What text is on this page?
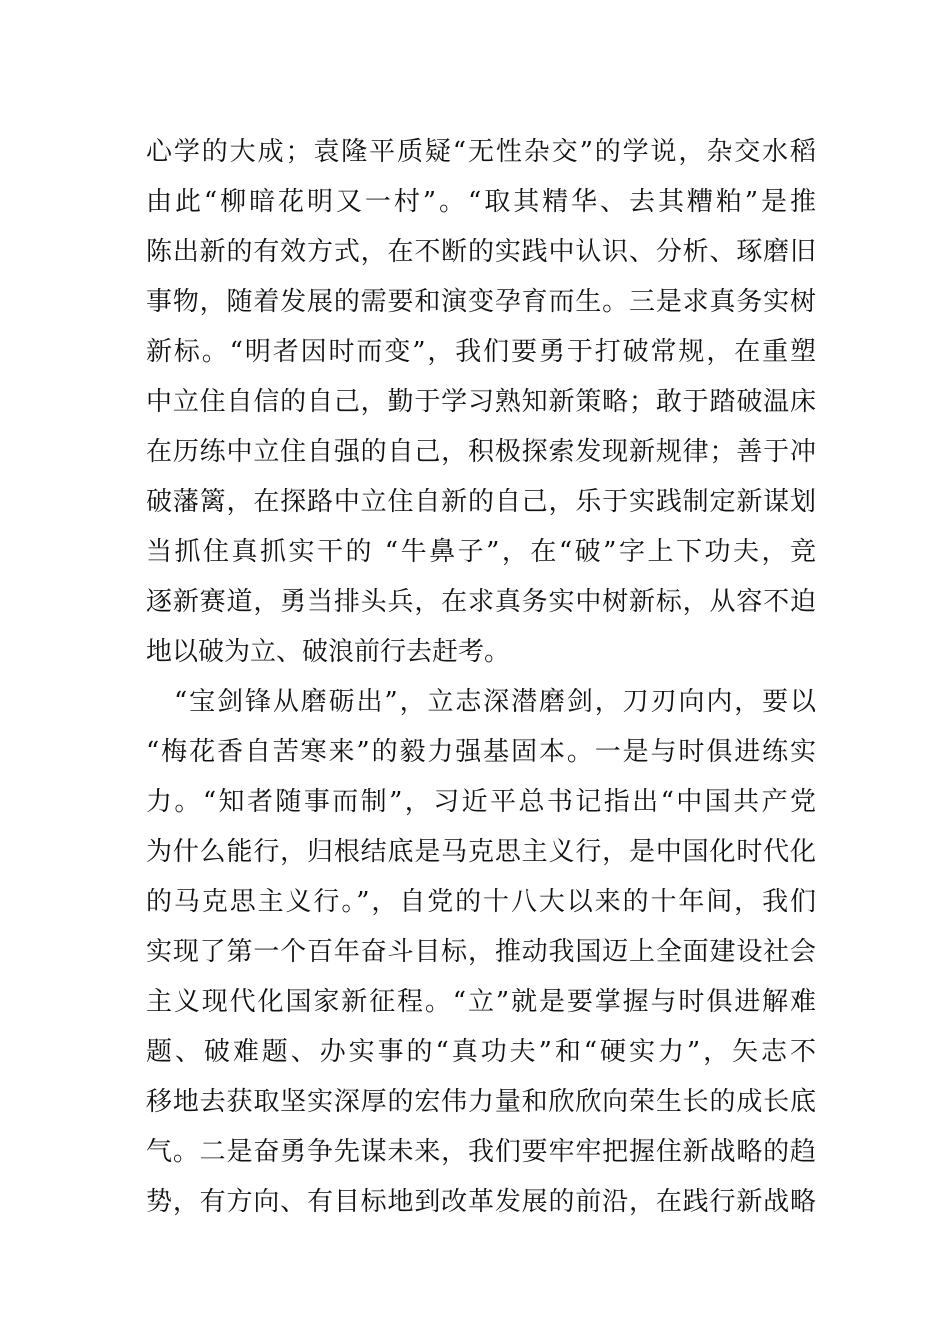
心学的大成；袁隆平质疑“无性杂交”的学说，杂交水稻
由此“柳暗花明又一村”。“取其精华、去其糟粕”是推
陈出新的有效方式，在不断的实践中认识、分析、琢磨旧
事物，随着发展的需要和演变孕育而生。三是求真务实树
新标。“明者因时而变”，我们要勇于打破常规，在重塑
中立住自信的自己，勤于学习熟知新策略；敢于踏破温床
在历练中立住自强的自己，积极探索发现新规律；善于冲
破藩篱，在探路中立住自新的自己，乐于实践制定新谋划
当抓住真抓实干的 “牛鼻子”，在“破”字上下功夫，竞
逐新赛道，勇当排头兵，在求真务实中树新标，从容不迫
地以破为立、破浪前行去赶考。
“宝剑锋从磨砺出”，立志深潜磨剑，刀刃向内，要以
“梅花香自苦寒来”的毅力强基固本。一是与时俱进练实
力。“知者随事而制”，习近平总书记指出“中国共产党
为什么能行，归根结底是马克思主义行，是中国化时代化
的马克思主义行。”，自党的十八大以来的十年间，我们
实现了第一个百年奋斗目标，推动我国迈上全面建设社会
主义现代化国家新征程。“立”就是要掌握与时俱进解难
题、破难题、办实事的“真功夫”和“硬实力”，矢志不
移地去获取坚实深厚的宏伟力量和欣欣向荣生长的成长底
气。二是奋勇争先谋未来，我们要牢牢把握住新战略的趋
势，有方向、有目标地到改革发展的前沿，在践行新战略
